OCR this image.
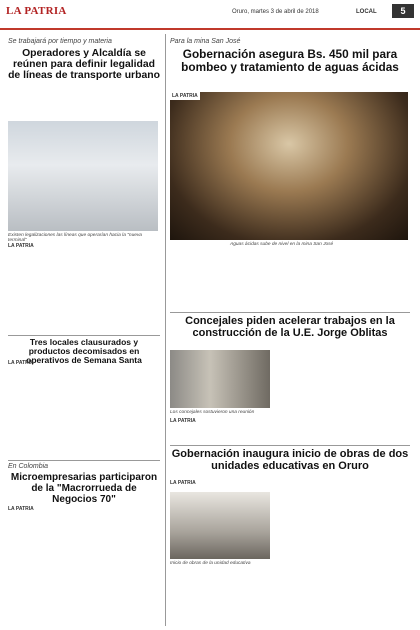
LA PATRIA	Oruro, martes 3 de abril de 2018	LOCAL	5
Se trabajará por tiempo y materia
Operadores y Alcaldía se reúnen para definir legalidad de líneas de transporte urbano
Existen legalizaciones las líneas que operarían hacia la "nueva terminal"
LA PATRIA
Tres locales clausurados y productos decomisados en operativos de Semana Santa
LA PATRIA
En Colombia
Microempresarias participaron de la "Macrorrueda de Negocios 70"
LA PATRIA
Para la mina San José
Gobernación asegura Bs. 450 mil para bombeo y tratamiento de aguas ácidas
Aguas ácidas sube de nivel en la mina San José
LA PATRIA
Concejales piden acelerar trabajos en la construcción de la U.E. Jorge Oblitas
Los concejales sostuvieron una reunión
LA PATRIA
Gobernación inaugura inicio de obras de dos unidades educativas en Oruro
LA PATRIA
Inicio de obras de la unidad educativa
